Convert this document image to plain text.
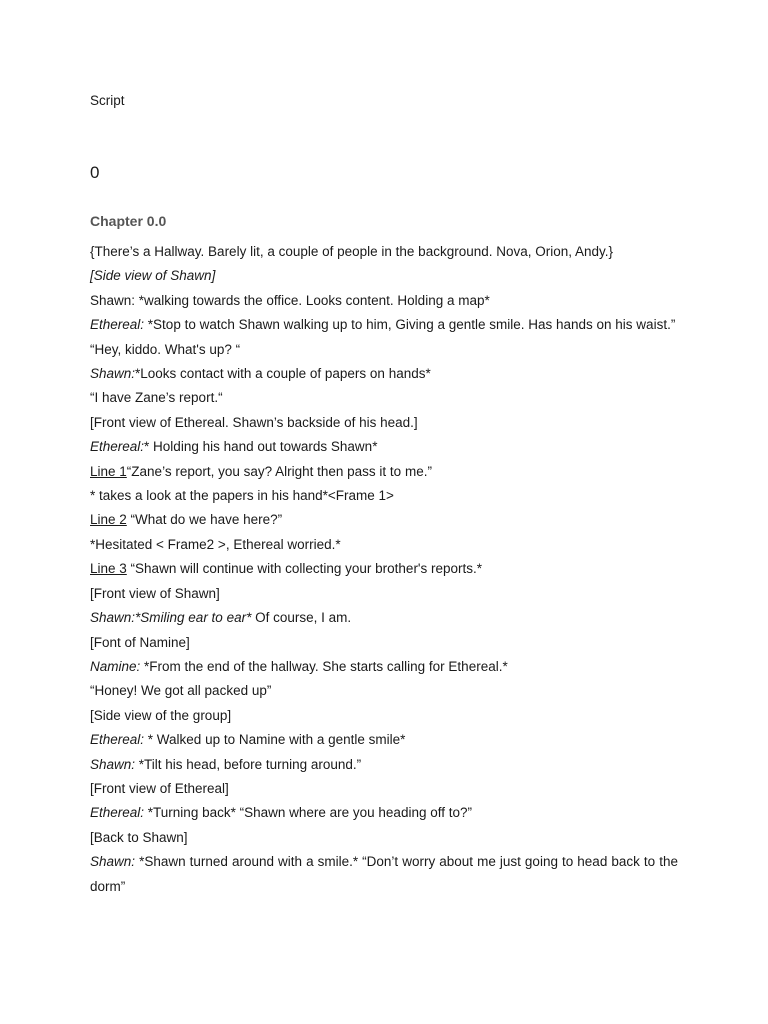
Script
0
Chapter 0.0

{There’s a Hallway. Barely lit, a couple of people in the background. Nova, Orion, Andy.}

[Side view of Shawn]

Shawn: *walking towards the office. Looks content. Holding a map*

Ethereal: *Stop to watch Shawn walking up to him, Giving a gentle smile. Has hands on his waist.”

“Hey, kiddo. What's up? “

Shawn:*Looks contact with a couple of papers on hands*

“I have Zane’s report.“

[Front view of Ethereal. Shawn’s backside of his head.]

Ethereal:* Holding his hand out towards Shawn*

Line 1“Zane’s report, you say? Alright then pass it to me.”

* takes a look at the papers in his hand*<Frame 1>

Line 2 “What do we have here?”

*Hesitated < Frame2 >, Ethereal worried.*

Line 3 “Shawn will continue with collecting your brother's reports.*

[Front view of Shawn]

Shawn:*Smiling ear to ear* Of course, I am.

[Font of Namine]

Namine: *From the end of the hallway. She starts calling for Ethereal.*

“Honey! We got all packed up”

[Side view of the group]

Ethereal: * Walked up to Namine with a gentle smile*

Shawn: *Tilt his head, before turning around.”

[Front view of Ethereal]

Ethereal: *Turning back* “Shawn where are you heading off to?”

[Back to Shawn]

Shawn: *Shawn turned around with a smile.* “Don’t worry about me just going to head back to the dorm”
